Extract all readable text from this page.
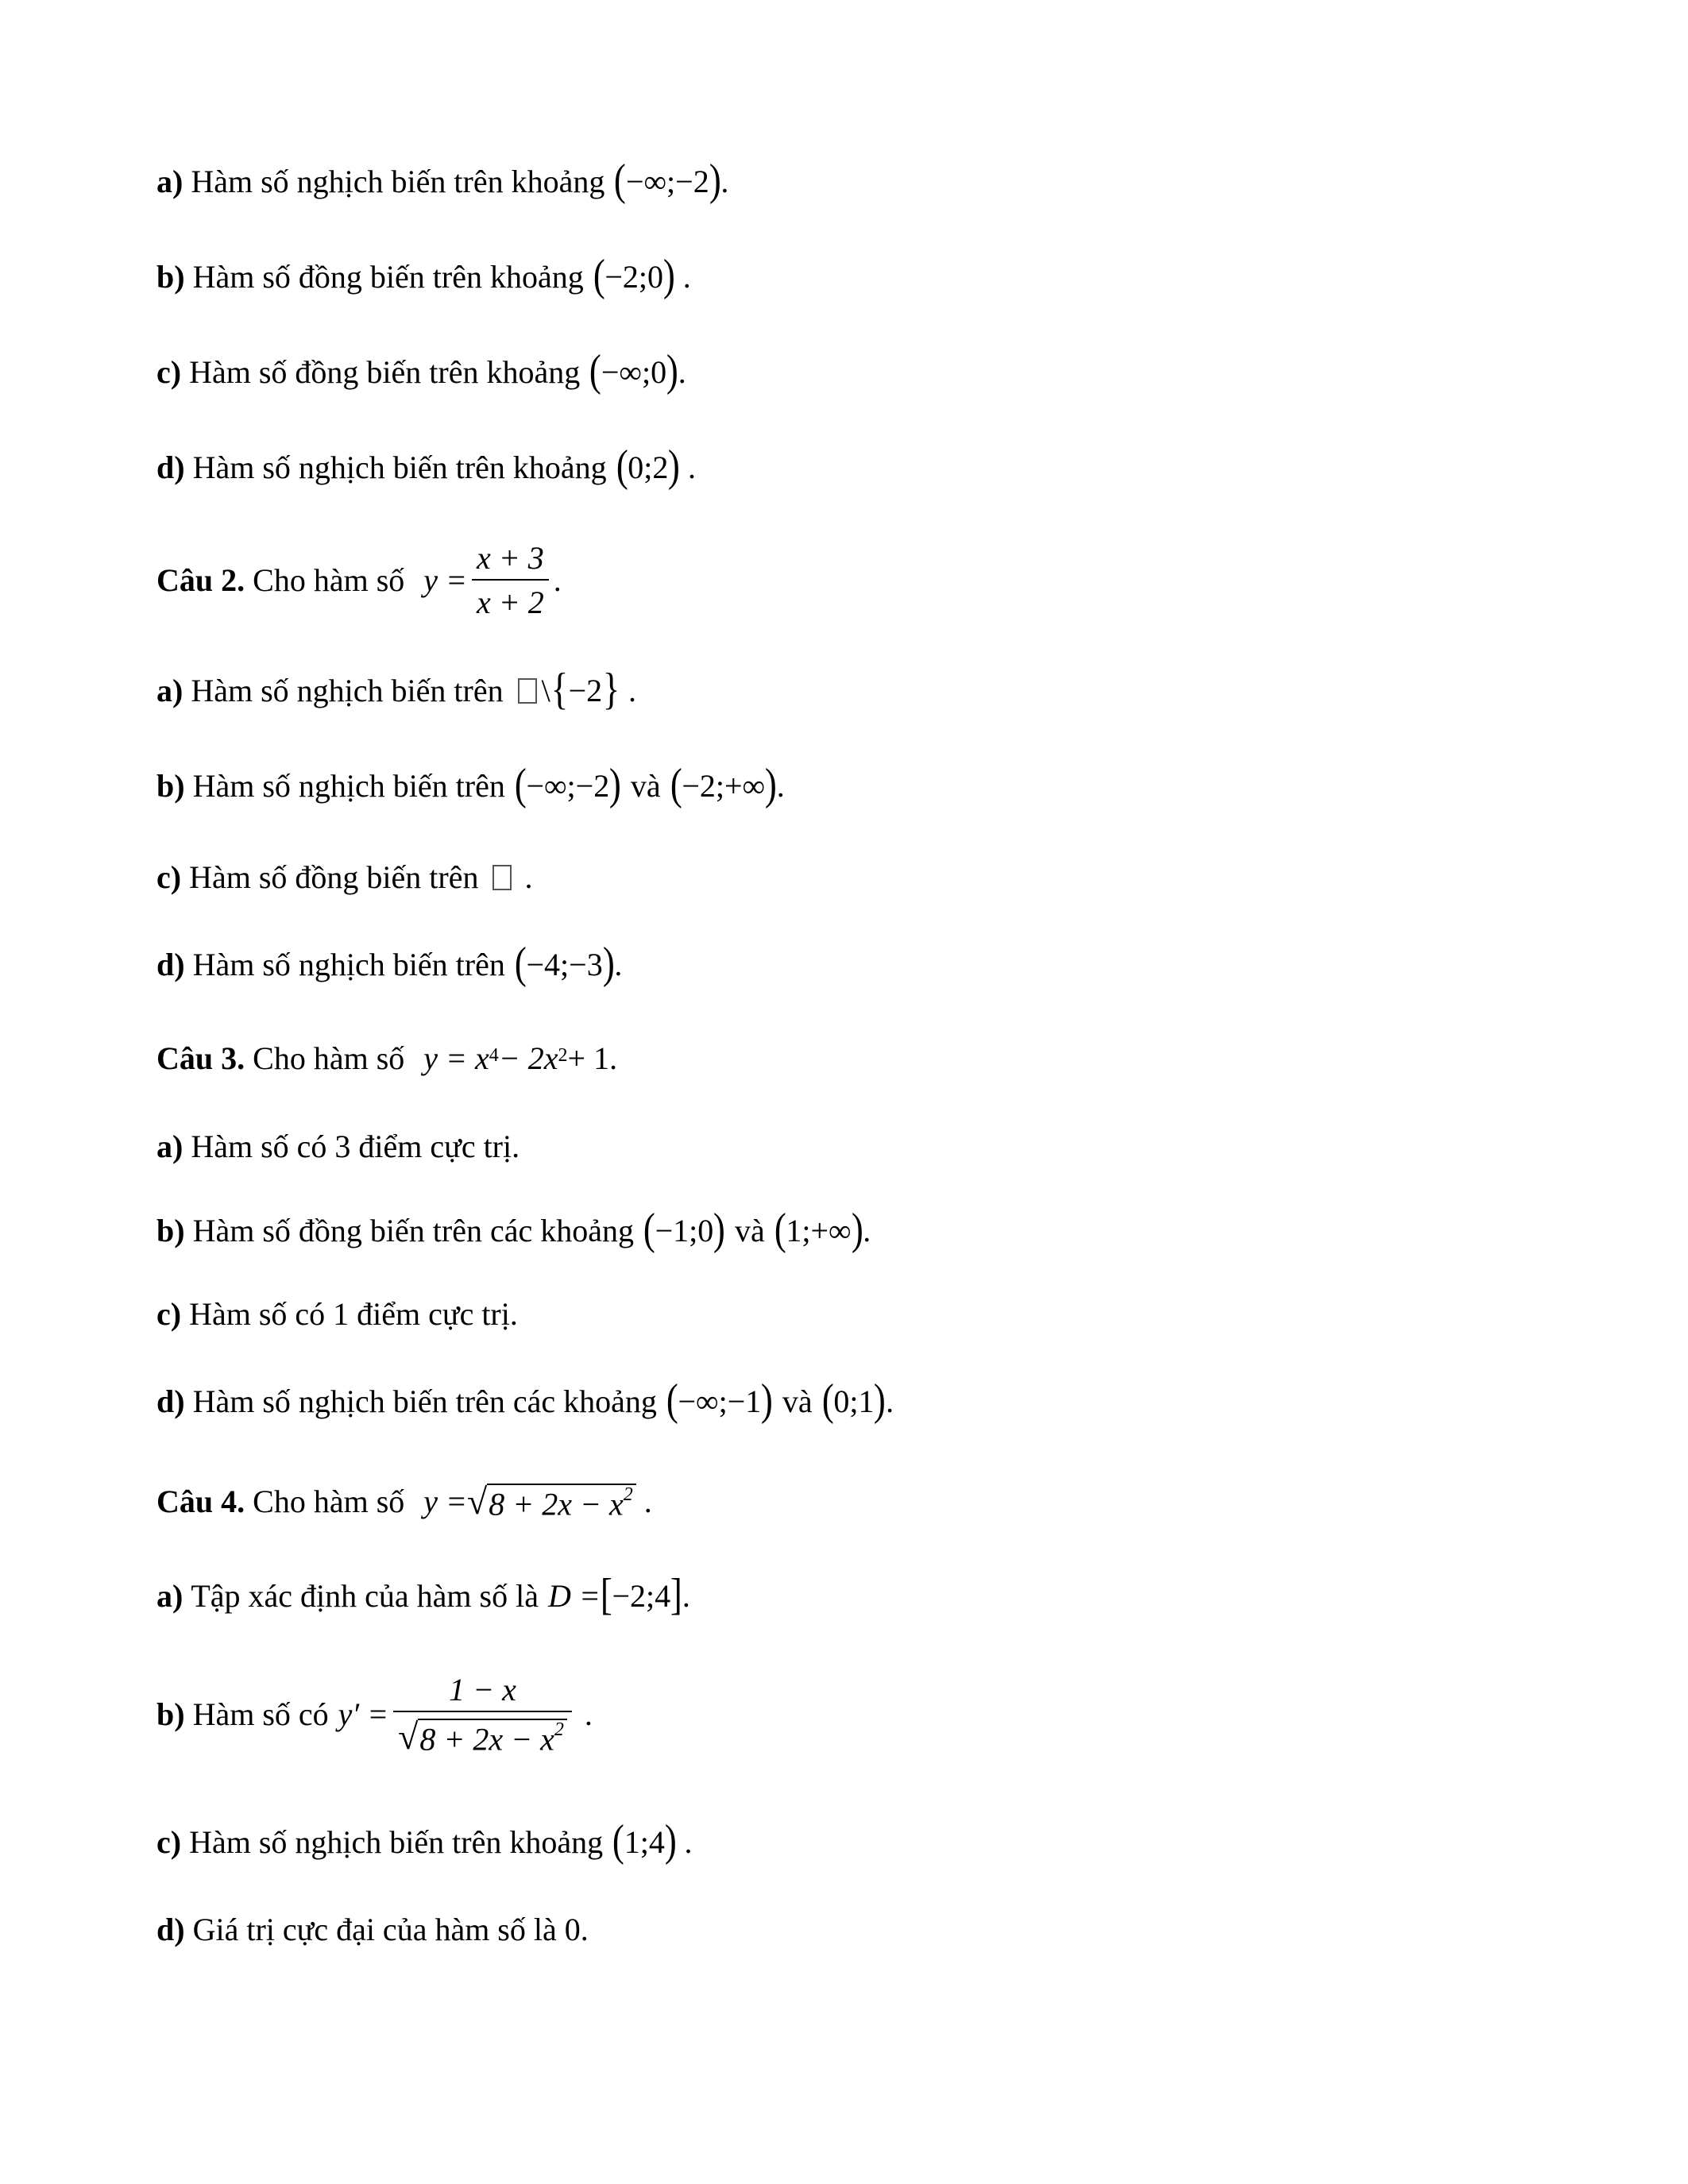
a)
Hàm số nghịch biến trên khoảng ( −∞;−2 ) .
b)
Hàm số đồng biến trên khoảng ( −2;0 ) .
c)
Hàm số đồng biến trên khoảng ( −∞;0 ) .
d)
Hàm số nghịch biến trên khoảng ( 0;2 ) .
Câu 2.
Cho hàm số $y = \frac{x + 3}{x + 2}$ .
a)
Hàm số nghịch biến trên \ { −2 } .
b)
Hàm số nghịch biến trên ( −∞;−2 ) và ( −2;+∞ ) .
c)
Hàm số đồng biến trên .
d)
Hàm số nghịch biến trên ( −4;−3 ) .
Câu 3.
Cho hàm số $y = x^4 - 2x^2 + 1$.
a)
Hàm số có 3 điểm cực trị.
b)
Hàm số đồng biến trên các khoảng ( −1;0 ) và ( 1;+∞ ) .
c)
Hàm số có 1 điểm cực trị.
d)
Hàm số nghịch biến trên các khoảng ( −∞;−1 ) và ( 0;1 ) .
Câu 4.
Cho hàm số y = √ $8 + 2x - x^2$ .
a)
Tập xác định của hàm số là D = [ −2;4 ] .
b)
Hàm số có $y' = \frac{1 - x}{√ 8 + 2x - x^2}$ .
c)
Hàm số nghịch biến trên khoảng ( 1;4 ) .
d)
Giá trị cực đại của hàm số là 0.
